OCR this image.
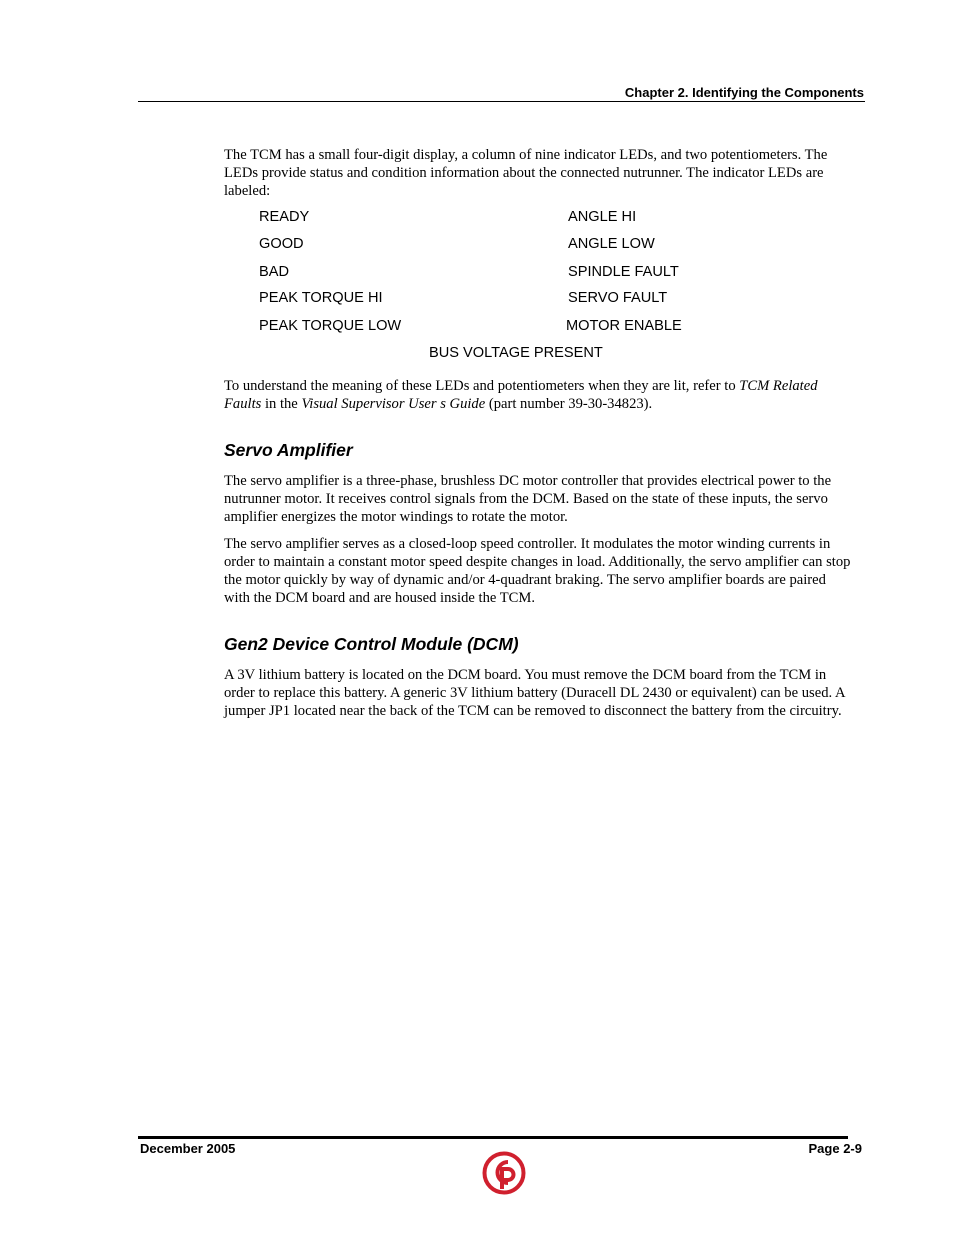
Chapter 2. Identifying the Components

The TCM has a small four-digit display, a column of nine indicator LEDs, and two potentiometers. The LEDs provide status and condition information about the connected nutrunner. The indicator LEDs are labeled:

READY
GOOD
BAD
PEAK TORQUE HI
PEAK TORQUE LOW
ANGLE HI
ANGLE LOW
SPINDLE FAULT
SERVO FAULT
MOTOR ENABLE
BUS VOLTAGE PRESENT

To understand the meaning of these LEDs and potentiometers when they are lit, refer to TCM Related Faults in the Visual Supervisor User s Guide (part number 39-30-34823).

Servo Amplifier

The servo amplifier is a three-phase, brushless DC motor controller that provides electrical power to the nutrunner motor. It receives control signals from the DCM. Based on the state of these inputs, the servo amplifier energizes the motor windings to rotate the motor.

The servo amplifier serves as a closed-loop speed controller. It modulates the motor winding currents in order to maintain a constant motor speed despite changes in load. Additionally, the servo amplifier can stop the motor quickly by way of dynamic and/or 4-quadrant braking. The servo amplifier boards are paired with the DCM board and are housed inside the TCM.

Gen2 Device Control Module (DCM)

A 3V lithium battery is located on the DCM board. You must remove the DCM board from the TCM in order to replace this battery. A generic 3V lithium battery (Duracell DL 2430 or equivalent) can be used. A jumper JP1 located near the back of the TCM can be removed to disconnect the battery from the circuitry.

December 2005	Page 2-9
